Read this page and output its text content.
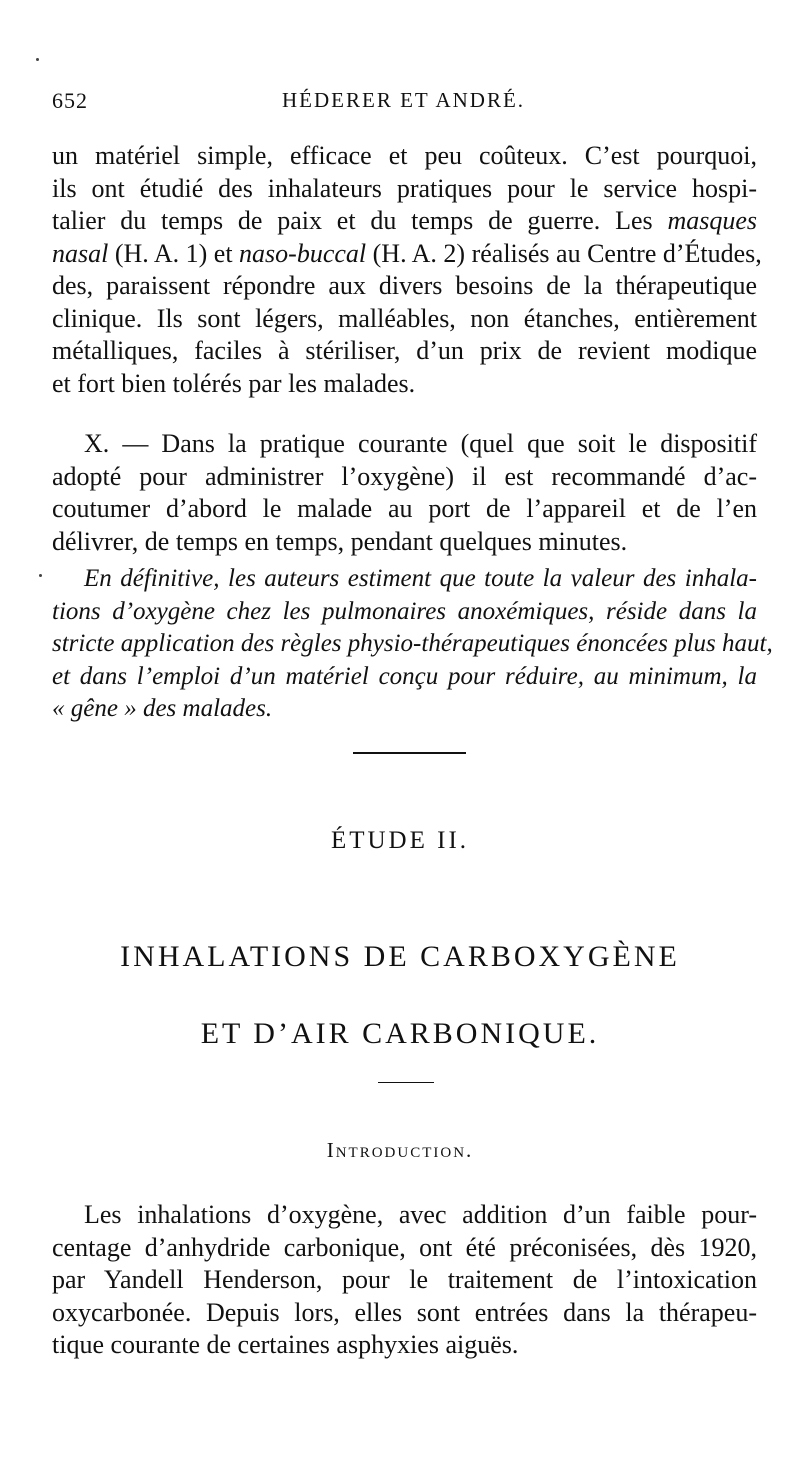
652	HÉDERER ET ANDRÉ.

un matériel simple, efficace et peu coûteux. C’est pourquoi,
ils ont étudié des inhalateurs pratiques pour le service hospi-
talier du temps de paix et du temps de guerre. Les masques
nasal (H. A. 1) et naso-buccal (H. A. 2) réalisés au Centre d’Études,
des, paraissent répondre aux divers besoins de la thérapeutique
clinique. Ils sont légers, malléables, non étanches, entièrement
métalliques, faciles à stériliser, d’un prix de revient modique
et fort bien tolérés par les malades.

X. — Dans la pratique courante (quel que soit le dispositif
adopté pour administrer l’oxygène) il est recommandé d’ac-
coutumer d’abord le malade au port de l’appareil et de l’en
délivrer, de temps en temps, pendant quelques minutes.

En définitive, les auteurs estiment que toute la valeur des inhala-
tions d’oxygène chez les pulmonaires anoxémiques, réside dans la
stricte application des règles physio-thérapeutiques énoncées plus haut,
et dans l’emploi d’un matériel conçu pour réduire, au minimum, la
« gêne » des malades.

ÉTUDE II.
INHALATIONS DE CARBOXYGÈNE
ET D’AIR CARBONIQUE.
Introduction.

Les inhalations d’oxygène, avec addition d’un faible pour-
centage d’anhydride carbonique, ont été préconisées, dès 1920,
par Yandell Henderson, pour le traitement de l’intoxication
oxycarbonée. Depuis lors, elles sont entrées dans la thérapeu-
tique courante de certaines asphyxies aiguës.
